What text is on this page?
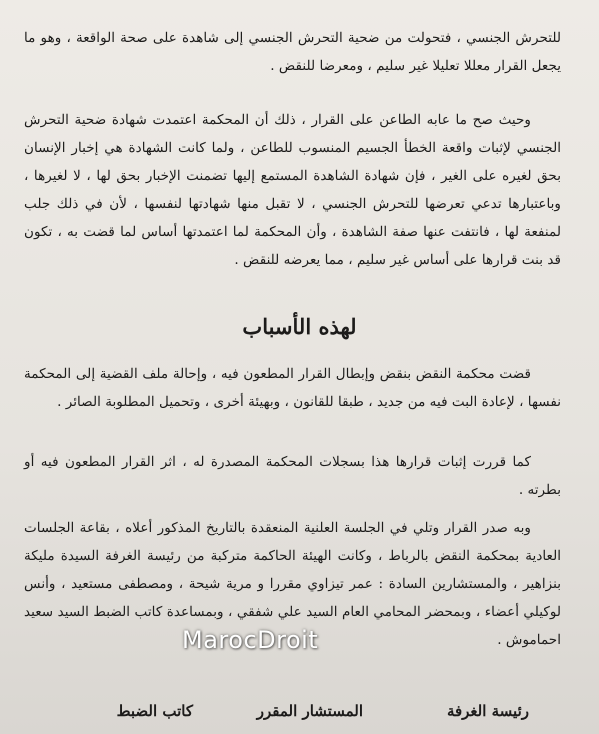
للتحرش الجنسي ، فتحولت من ضحية التحرش الجنسي إلى شاهدة على صحة الواقعة ، وهو ما يجعل القرار معللا تعليلا غير سليم ، ومعرضا للنقض .

وحيث صح ما عابه الطاعن على القرار ، ذلك أن المحكمة اعتمدت شهادة ضحية التحرش الجنسي لإثبات واقعة الخطأ الجسيم المنسوب للطاعن ، ولما كانت الشهادة هي إخبار الإنسان بحق لغيره على الغير ، فإن شهادة الشاهدة المستمع إليها تضمنت الإخبار بحق لها ، لا لغيرها ، وباعتبارها تدعي تعرضها للتحرش الجنسي ، لا تقبل منها شهادتها لنفسها ، لأن في ذلك جلب لمنفعة لها ، فانتفت عنها صفة الشاهدة ، وأن المحكمة لما اعتمدتها أساس لما قضت به ، تكون قد بنت قرارها على أساس غير سليم ، مما يعرضه للنقض .

لهذه الأسباب

قضت محكمة النقض بنقض وإبطال القرار المطعون فيه ، وإحالة ملف القضية إلى المحكمة نفسها ، لإعادة البت فيه من جديد ، طبقا للقانون ، وبهيئة أخرى ، وتحميل المطلوبة الصائر .

كما قررت إثبات قرارها هذا بسجلات المحكمة المصدرة له ، اثر القرار المطعون فيه أو بطرته .

وبه صدر القرار وتلي في الجلسة العلنية المنعقدة بالتاريخ المذكور أعلاه ، بقاعة الجلسات العادية بمحكمة النقض بالرباط ، وكانت الهيئة الحاكمة متركبة من رئيسة الغرفة السيدة مليكة بنزاهير ، والمستشارين السادة : عمر تيزاوي مقررا و مرية شيحة ، ومصطفى مستعيد ، وأنس لوكيلي أعضاء ، وبمحضر المحامي العام السيد علي شفقي ، وبمساعدة كاتب الضبط السيد سعيد احماموش .

MarocDroit
رئيسة الغرفة
المستشار المقرر
كاتب الضبط
